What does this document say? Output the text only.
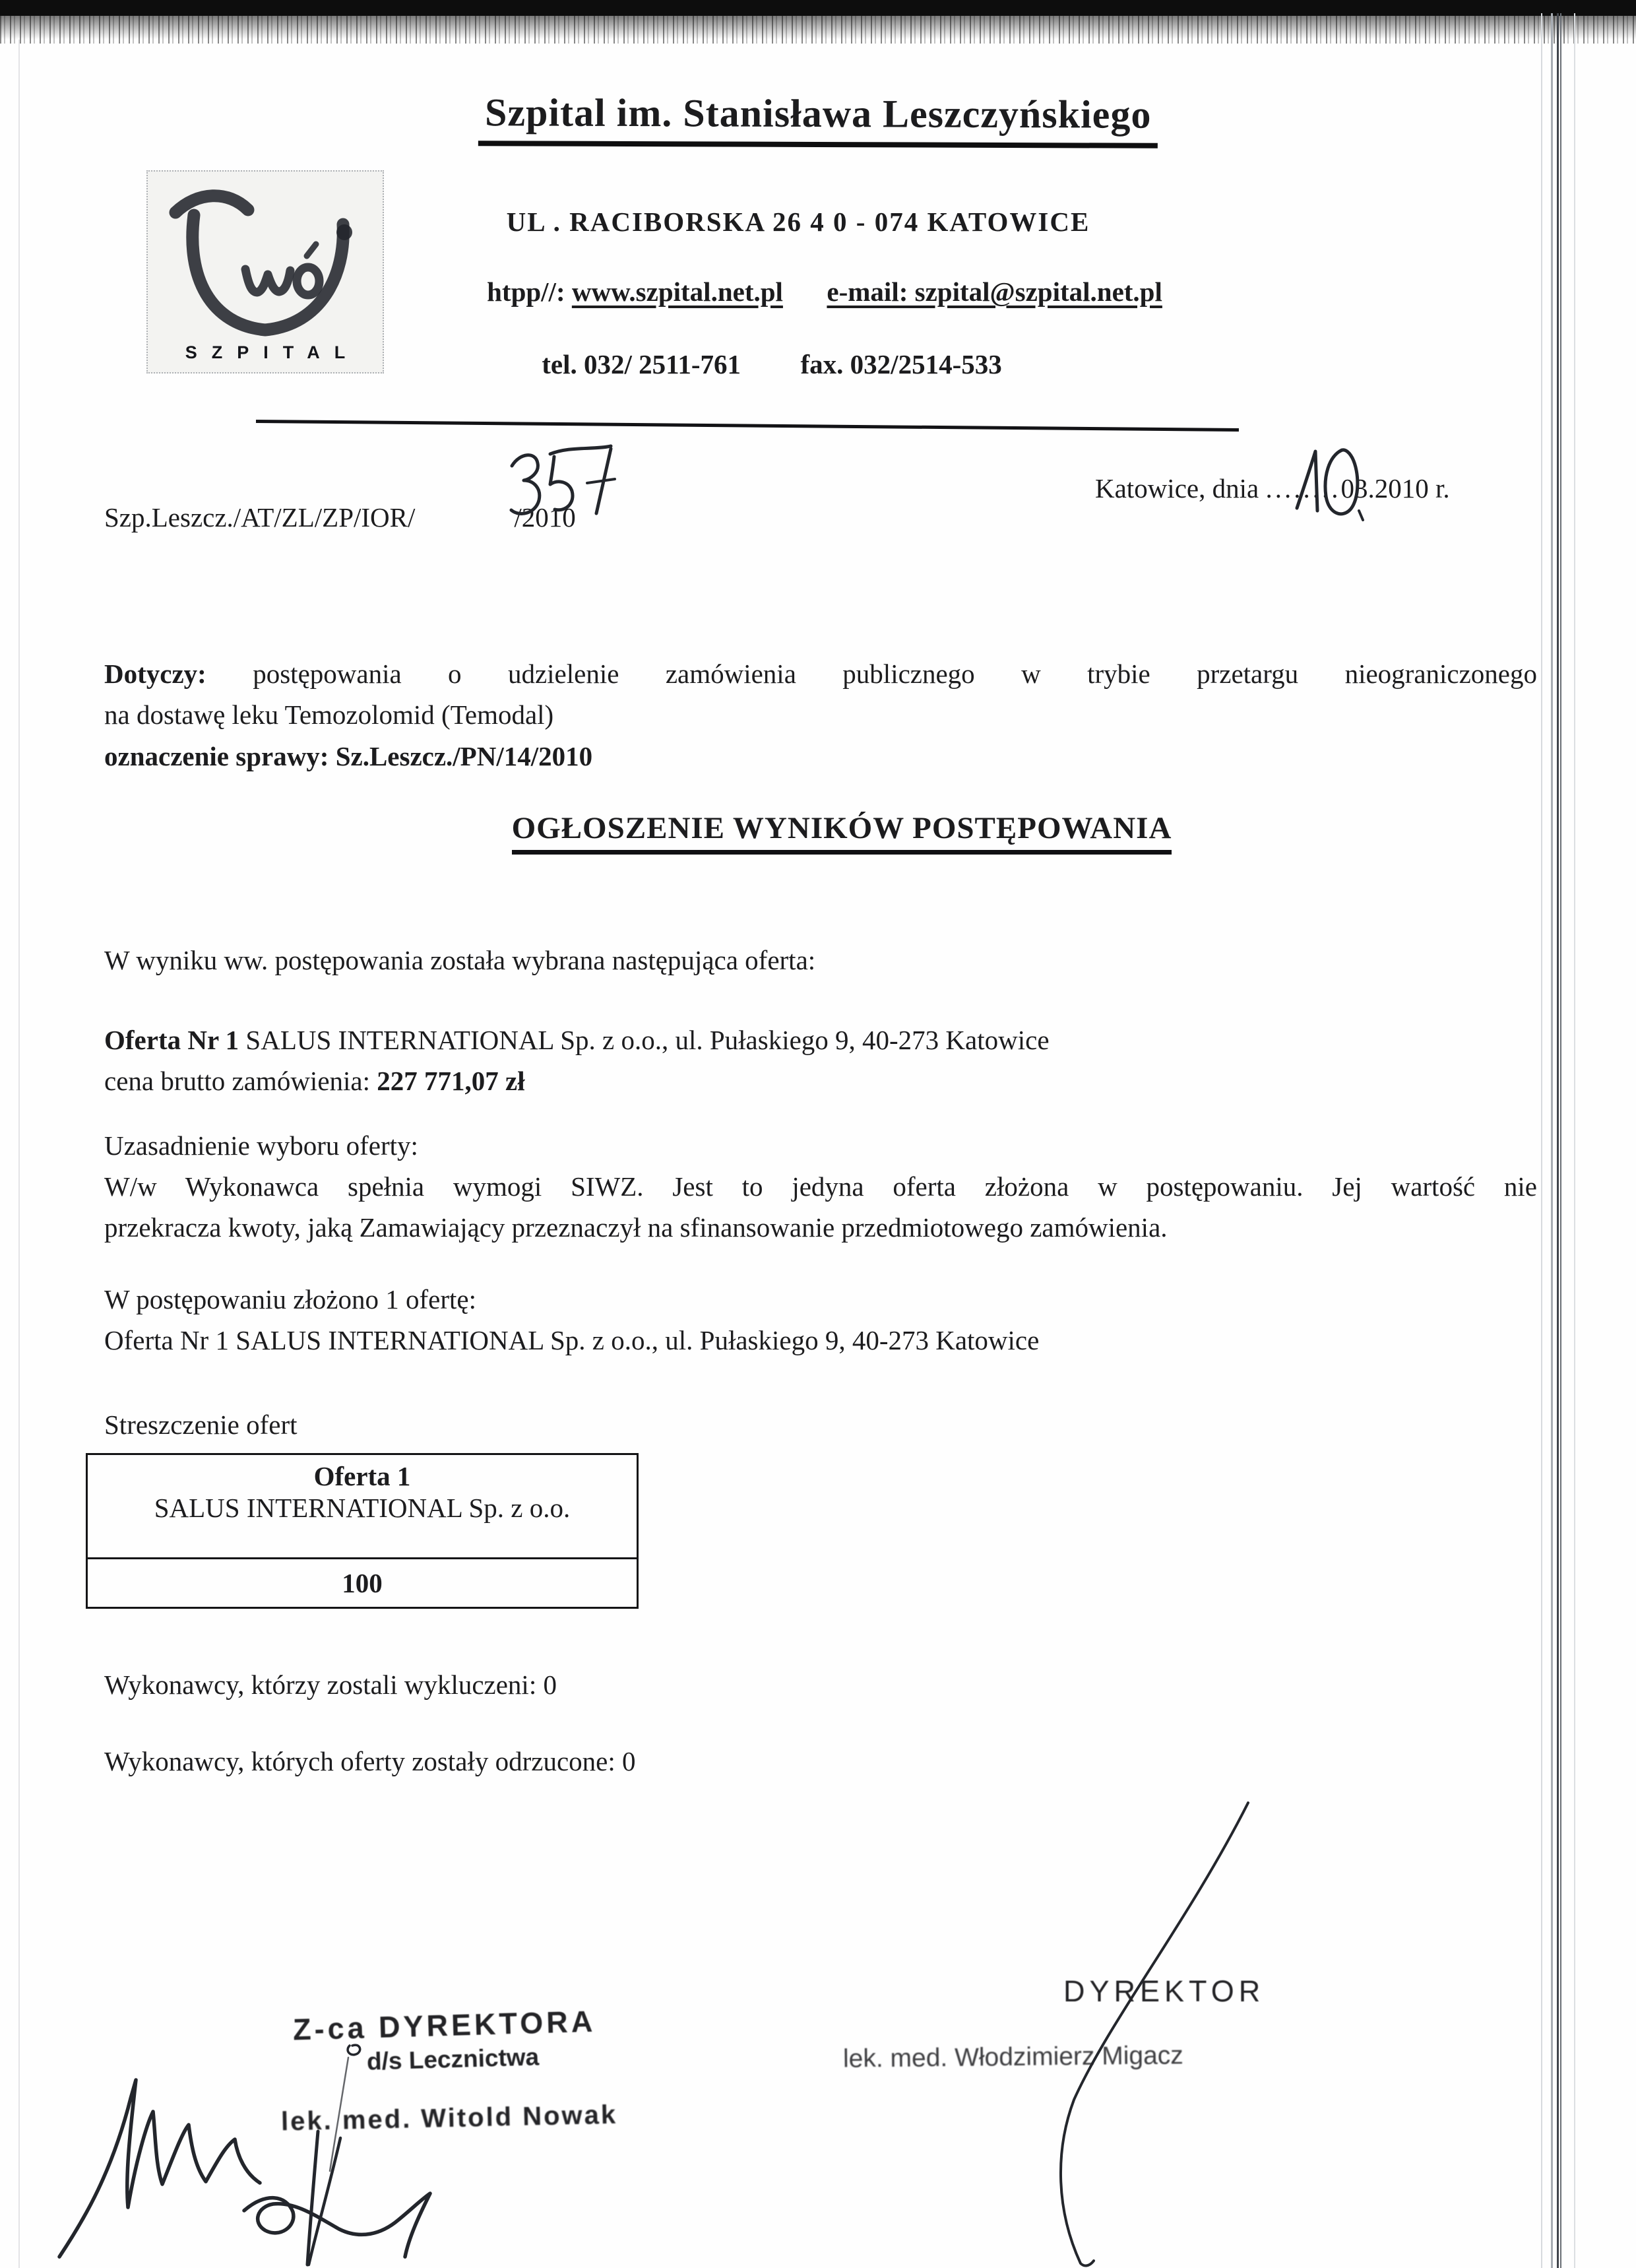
Szpital im. Stanisława Leszczyńskiego
SZPITAL
UL . RACIBORSKA 26 4 0 - 074 KATOWICE
htpp//: www.szpital.net.pl e-mail: szpital@szpital.net.pl
tel. 032/ 2511-761 fax. 032/2514-533
Katowice, dnia ........03.2010 r.
Szp.Leszcz./AT/ZL/ZP/IOR/	/2010
Dotyczy: postępowania o udzielenie zamówienia publicznego w trybie przetargu nieograniczonego
na dostawę leku Temozolomid (Temodal)
oznaczenie sprawy: Sz.Leszcz./PN/14/2010
OGŁOSZENIE WYNIKÓW POSTĘPOWANIA
W wyniku ww. postępowania została wybrana następująca oferta:
Oferta Nr 1 SALUS INTERNATIONAL Sp. z o.o., ul. Pułaskiego 9, 40-273 Katowice
cena brutto zamówienia: 227 771,07 zł
Uzasadnienie wyboru oferty:
W/w Wykonawca spełnia wymogi SIWZ. Jest to jedyna oferta złożona w postępowaniu. Jej wartość nie
przekracza kwoty, jaką Zamawiający przeznaczył na sfinansowanie przedmiotowego zamówienia.
W postępowaniu złożono 1 ofertę:
Oferta Nr 1 SALUS INTERNATIONAL Sp. z o.o., ul. Pułaskiego 9, 40-273 Katowice
Streszczenie ofert
Oferta 1
SALUS INTERNATIONAL Sp. z o.o.
100
Wykonawcy, którzy zostali wykluczeni: 0
Wykonawcy, których oferty zostały odrzucone: 0
DYREKTOR
lek. med. Włodzimierz Migacz
Z-ca DYREKTORA
d/s Lecznictwa
lek. med. Witold Nowak
